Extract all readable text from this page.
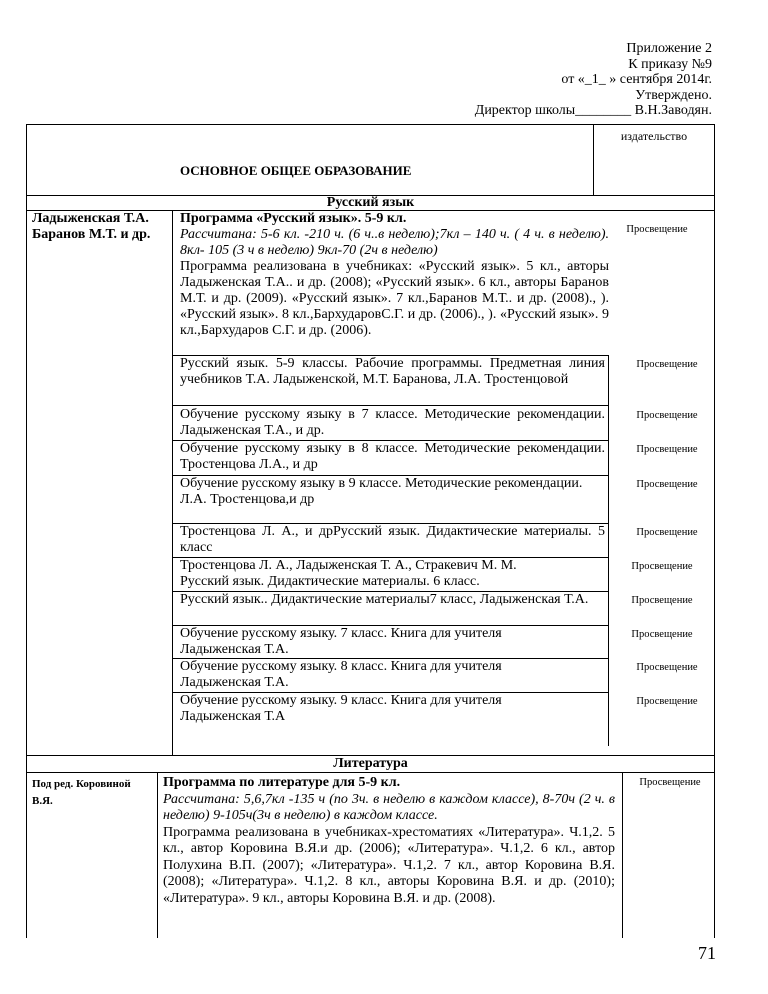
Приложение 2
К приказу №9
от «_1_ » сентября 2014г.
Утверждено.
Директор школы________ В.Н.Заводян.
издательство
ОСНОВНОЕ ОБЩЕЕ ОБРАЗОВАНИЕ
Русский язык
Ладыженская Т.А. Баранов М.Т. и др.
Программа «Русский язык». 5-9 кл.
Рассчитана: 5-6 кл. -210 ч. (6 ч..в неделю);7кл – 140 ч. ( 4 ч. в неделю). 8кл- 105 (3 ч в неделю) 9кл-70 (2ч в неделю)
Программа реализована в учебниках: «Русский язык». 5 кл., авторы Ладыженская Т.А.. и др. (2008); «Русский язык». 6 кл., авторы Баранов М.Т. и др. (2009). «Русский язык». 7 кл.,Баранов М.Т.. и др. (2008)., ). «Русский язык». 8 кл.,БархударовС.Г. и др. (2006)., ). «Русский язык». 9 кл.,Бархударов С.Г. и др. (2006).
Просвещение
Русский язык. 5-9 классы. Рабочие программы. Предметная линия учебников Т.А. Ладыженской, М.Т. Баранова, Л.А. Тростенцовой
Просвещение
Обучение русскому языку в 7 классе. Методические рекомендации. Ладыженская Т.А., и др.
Просвещение
Обучение русскому языку в 8 классе. Методические рекомендации. Тростенцова Л.А., и др
Просвещение
Обучение русскому языку в 9 классе. Методические рекомендации.
Л.А. Тростенцова,и др
Просвещение
Тростенцова Л. А., и дрРусский язык. Дидактические материалы. 5 класс
Просвещение
Тростенцова Л. А., Ладыженская Т. А., Стракевич М. М.
Русский язык. Дидактические материалы. 6 класс.
Просвещение
Русский язык.. Дидактические материалы7 класс, Ладыженская Т.А.	Просвещение
Обучение русскому языку. 7 класс. Книга для учителя
Ладыженская Т.А.
Просвещение
Обучение русскому языку. 8 класс. Книга для учителя
Ладыженская Т.А.
Просвещение
Обучение русскому языку. 9 класс. Книга для учителя
Ладыженская Т.А
Просвещение
Литература
Под ред. Коровиной В.Я.
Программа по литературе для 5-9 кл.
Рассчитана: 5,6,7кл -135 ч (по 3ч. в неделю в каждом классе), 8-70ч (2 ч. в неделю) 9-105ч(3ч в неделю) в каждом классе.
Программа реализована в учебниках-хрестоматиях «Литература». Ч.1,2. 5 кл., автор Коровина В.Я.и др. (2006); «Литература». Ч.1,2. 6 кл., автор Полухина В.П. (2007); «Литература». Ч.1,2. 7 кл., автор Коровина В.Я. (2008); «Литература». Ч.1,2. 8 кл., авторы Коровина В.Я. и др. (2010); «Литература». 9 кл., авторы Коровина В.Я. и др. (2008).
Просвещение
71
